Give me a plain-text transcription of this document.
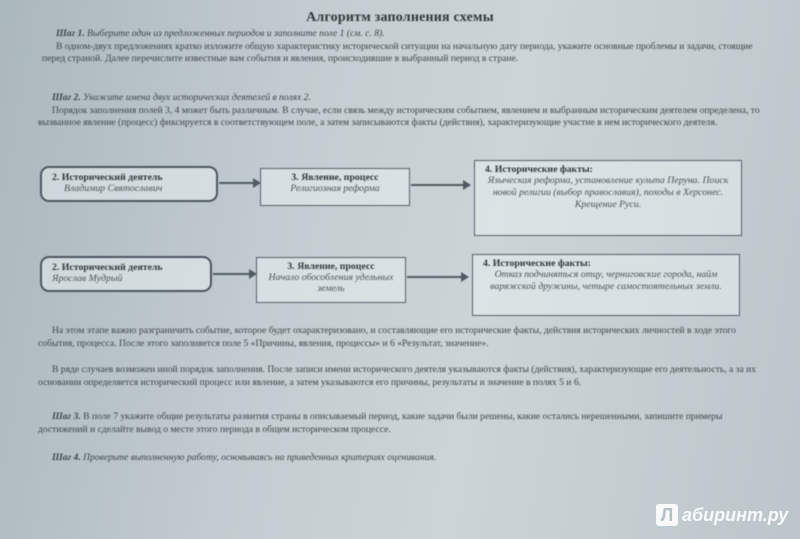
Алгоритм заполнения схемы
Шаг 1. Выберите один из предложенных периодов и заполните поле 1 (см. с. 8).
В одном-двух предложениях кратко изложите общую характеристику исторической ситуации на начальную дату периода, укажите основные проблемы и задачи, стоящие перед страной. Далее перечислите известные вам события и явления, происходившие в выбранный период в стране.
Шаг 2. Укажите имена двух исторических деятелей в полях 2.
Порядок заполнения полей 3, 4 может быть различным. В случае, если связь между историческим событием, явлением и выбранным историческим деятелем определена, то вызванное явление (процесс) фиксируется в соответствующем поле, а затем записываются факты (действия), характеризующие участие в нем исторического деятеля.
2. Исторический деятель
Владимир Святославич
3. Явление, процесс
Религиозная реформа
4. Исторические факты:
Языческая реформа, установление культа Перуна. Поиск новой религии (выбор православия), походы в Херсонес. Крещение Руси.
2. Исторический деятель
Ярослав Мудрый
3. Явление, процесс
Начало обособления удельных земель
4. Исторические факты:
Отказ подчиняться отцу, черниговские города, найм варяжской дружины, четыре самостоятельных земли.
На этом этапе важно разграничить событие, которое будет охарактеризовано, и составляющие его исторические факты, действия исторических личностей в ходе этого события, процесса. После этого заполняется поле 5 «Причины, явления, процессы» и 6 «Результат, значение».
В ряде случаев возможен иной порядок заполнения. После записи имени исторического деятеля указываются факты (действия), характеризующие его деятельность, а за их основании определяется исторический процесс или явление, а затем указываются его причины, результаты и значение в полях 5 и 6.
Шаг 3. В поле 7 укажите общие результаты развития страны в описываемый период, какие задачи были решены, какие остались нерешенными, запишите примеры достижений и сделайте вывод о месте этого периода в общем историческом процессе.
Шаг 4. Проверьте выполненную работу, основываясь на приведенных критериях оценивания.
Л абиринт.ру
